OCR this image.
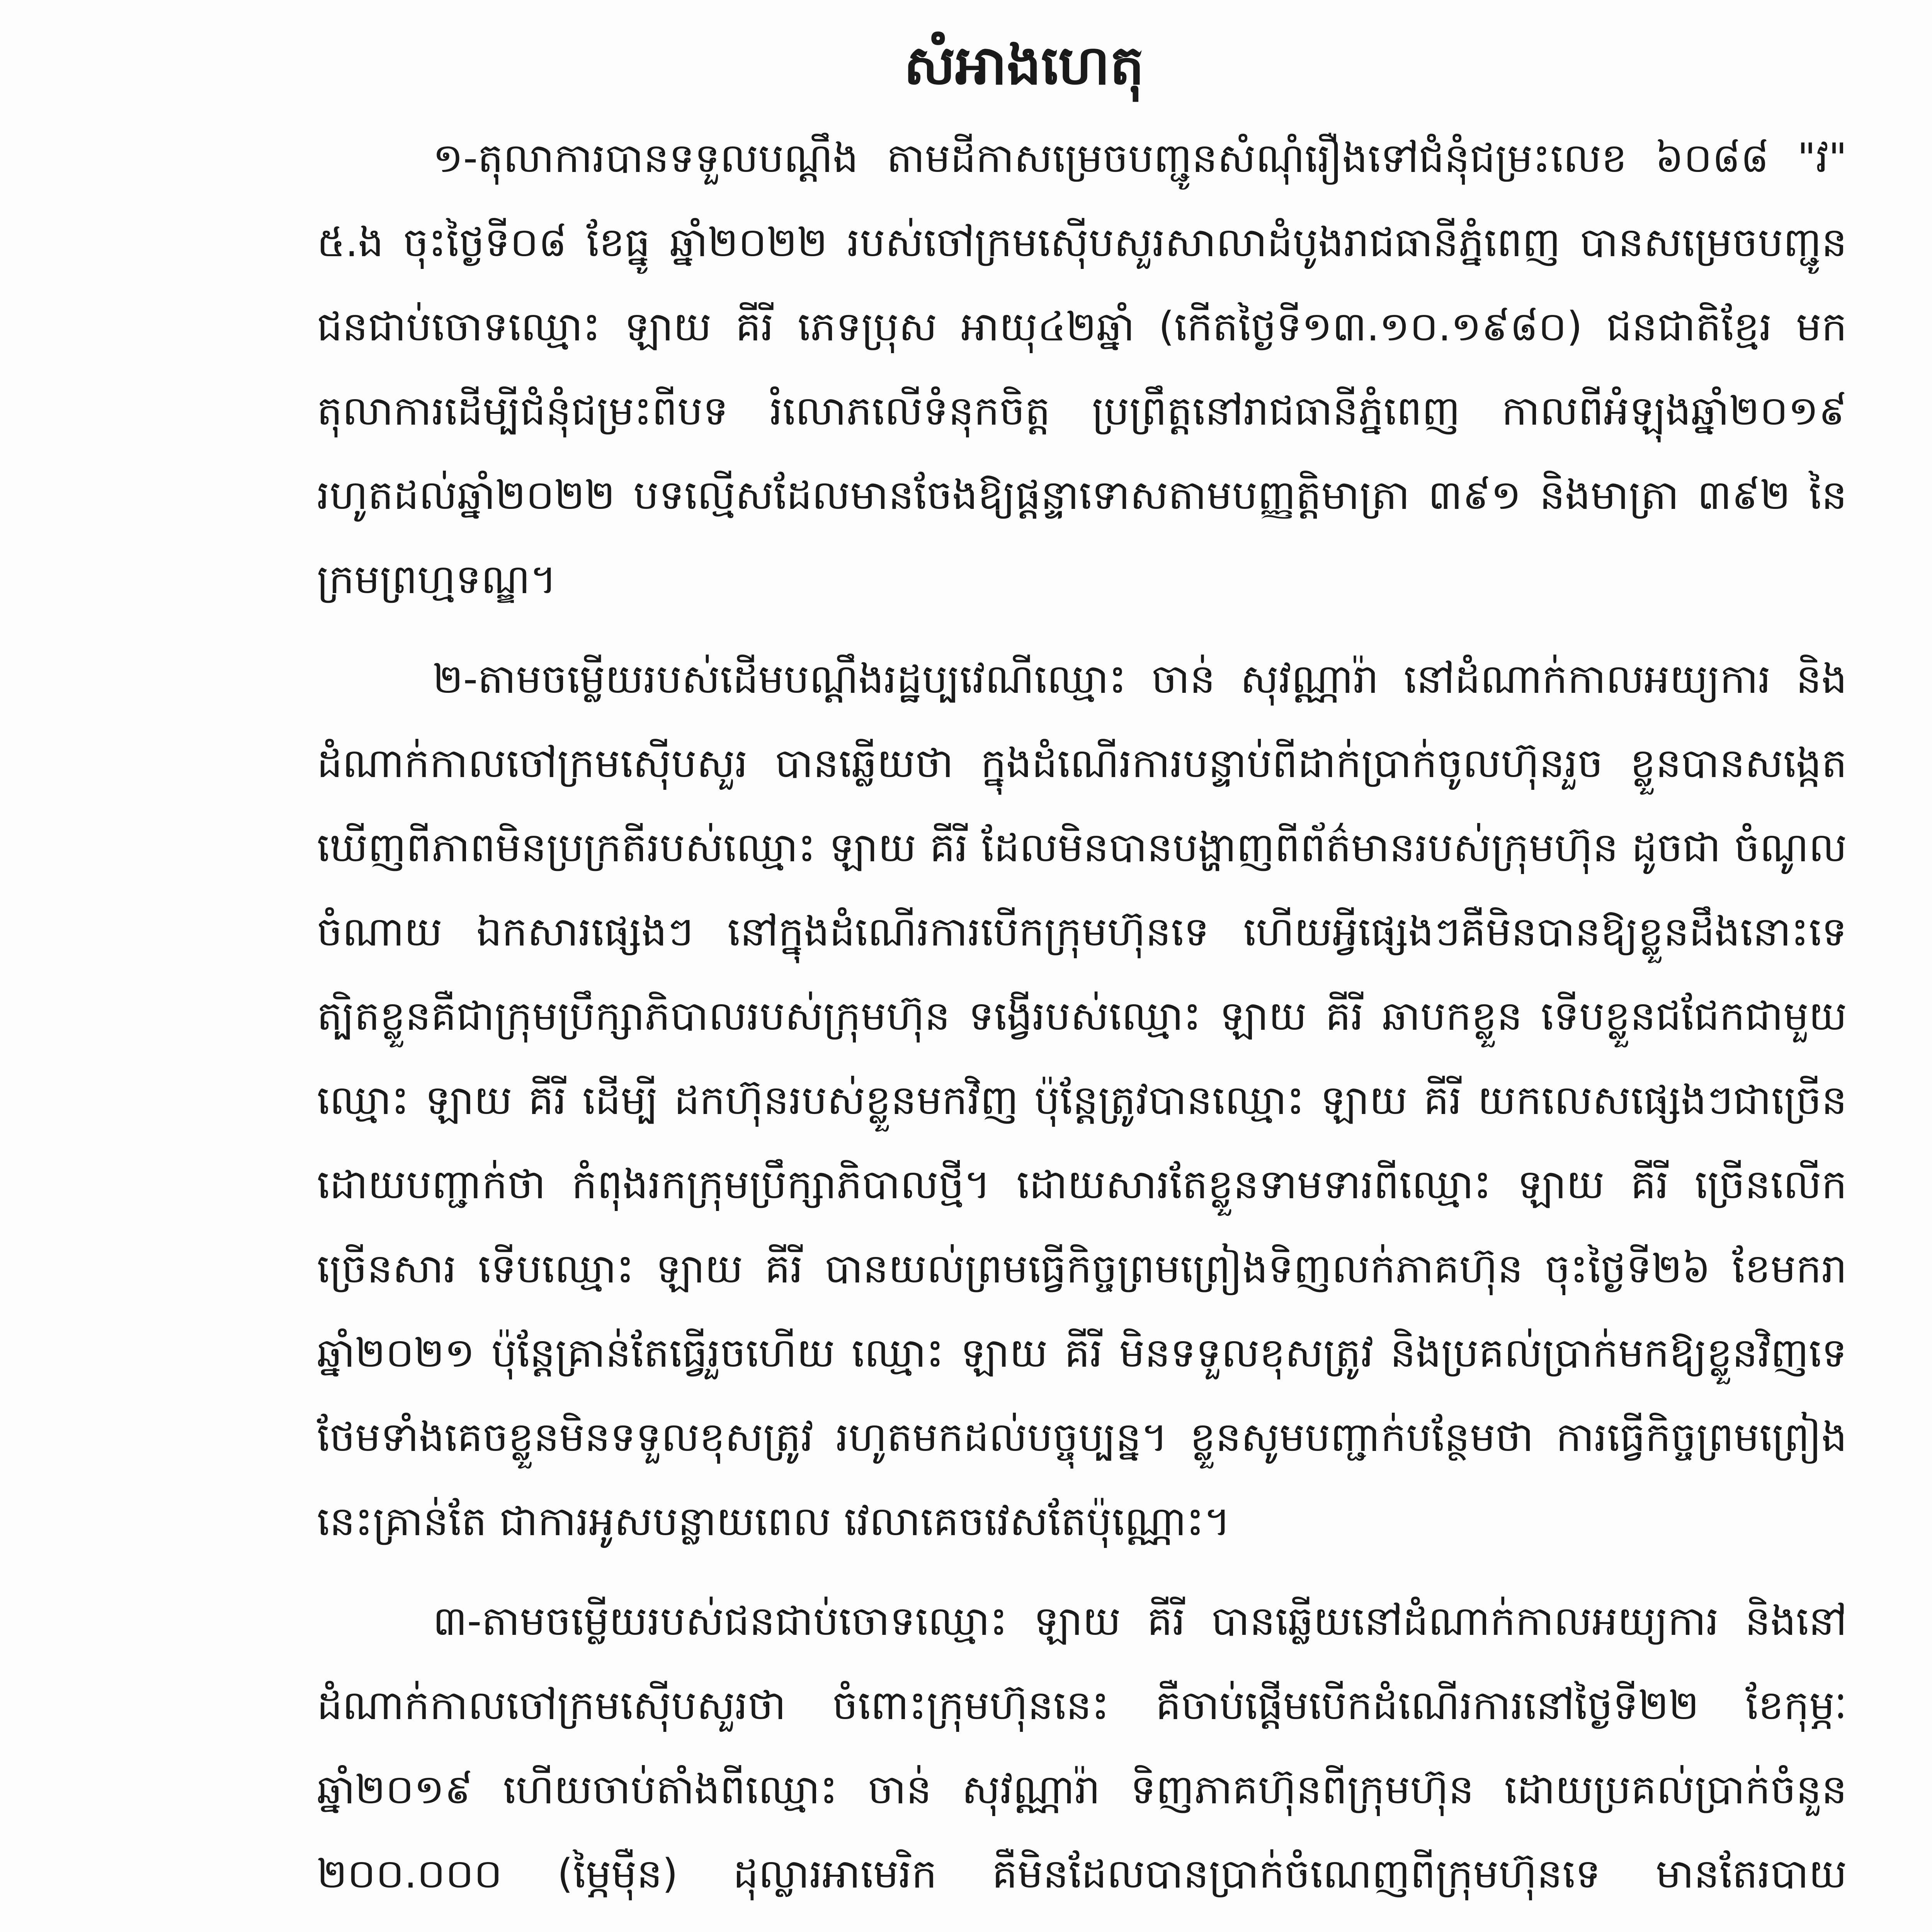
សំអាងហេតុ

១-តុលាការបានទទួលបណ្ដឹង តាមដីកាសម្រេចបញ្ជូនសំណុំរឿងទៅជំនុំជម្រះលេខ ៦០៨៨ "វ" ៥.ង ចុះថ្ងៃទី០៨ ខែធ្នូ ឆ្នាំ២០២២ របស់ចៅក្រមស៊ើបសួរសាលាដំបូងរាជធានីភ្នំពេញ បានសម្រេចបញ្ជូនជនជាប់ចោទឈ្មោះ ឡាយ គីរី ភេទប្រុស អាយុ៤២ឆ្នាំ (កើតថ្ងៃទី១៣.១០.១៩៨០) ជនជាតិខ្មែរ មកតុលាការដើម្បីជំនុំជម្រះពីបទ រំលោភលើទំនុកចិត្ត ប្រព្រឹត្តនៅរាជធានីភ្នំពេញ កាលពីអំឡុងឆ្នាំ២០១៩ រហូតដល់ឆ្នាំ២០២២ បទល្មើសដែលមានចែងឱ្យផ្ដន្ទាទោសតាមបញ្ញត្តិមាត្រា ៣៩១ និងមាត្រា ៣៩២ នៃក្រមព្រហ្មទណ្ឌ។

២-តាមចម្លើយរបស់ដើមបណ្ដឹងរដ្ឋប្បវេណីឈ្មោះ ចាន់ សុវណ្ណារ៉ា នៅដំណាក់កាលអយ្យការ និងដំណាក់កាលចៅក្រមស៊ើបសួរ បានឆ្លើយថា ក្នុងដំណើរការបន្ទាប់ពីដាក់ប្រាក់ចូលហ៊ុនរួច ខ្លួនបានសង្កេតឃើញពីភាពមិនប្រក្រតីរបស់ឈ្មោះ ឡាយ គីរី ដែលមិនបានបង្ហាញពីព័ត៌មានរបស់ក្រុមហ៊ុន ដូចជា ចំណូល ចំណាយ ឯកសារផ្សេងៗ នៅក្នុងដំណើរការបើកក្រុមហ៊ុនទេ ហើយអ្វីផ្សេងៗគឺមិនបានឱ្យខ្លួនដឹងនោះទេ ត្បិតខ្លួនគឺជាក្រុមប្រឹក្សាភិបាលរបស់ក្រុមហ៊ុន ទង្វើរបស់ឈ្មោះ ឡាយ គីរី ឆាបកខ្លួន ទើបខ្លួនជជែកជាមួយឈ្មោះ ឡាយ គីរី ដើម្បី ដកហ៊ុនរបស់ខ្លួនមកវិញ ប៉ុន្តែត្រូវបានឈ្មោះ ឡាយ គីរី យកលេសផ្សេងៗជាច្រើនដោយបញ្ជាក់ថា កំពុងរកក្រុមប្រឹក្សាភិបាលថ្មី។ ដោយសារតែខ្លួនទាមទារពីឈ្មោះ ឡាយ គីរី ច្រើនលើកច្រើនសារ ទើបឈ្មោះ ឡាយ គីរី បានយល់ព្រមធ្វើកិច្ចព្រមព្រៀងទិញលក់ភាគហ៊ុន ចុះថ្ងៃទី២៦ ខែមករា ឆ្នាំ២០២១ ប៉ុន្តែគ្រាន់តែធ្វើរួចហើយ ឈ្មោះ ឡាយ គីរី មិនទទួលខុសត្រូវ និងប្រគល់ប្រាក់មកឱ្យខ្លួនវិញទេ ថែមទាំងគេចខ្លួនមិនទទួលខុសត្រូវ រហូតមកដល់បច្ចុប្បន្ន។ ខ្លួនសូមបញ្ជាក់បន្ថែមថា ការធ្វើកិច្ចព្រមព្រៀងនេះគ្រាន់តែ ជាការអូសបន្លាយពេល វេលាគេចវេសតែប៉ុណ្ណោះ។

៣-តាមចម្លើយរបស់ជនជាប់ចោទឈ្មោះ ឡាយ គីរី បានឆ្លើយនៅដំណាក់កាលអយ្យការ និងនៅដំណាក់កាលចៅក្រមស៊ើបសួរថា ចំពោះក្រុមហ៊ុននេះ គឺចាប់ផ្ដើមបើកដំណើរការនៅថ្ងៃទី២២ ខែកុម្ភៈ ឆ្នាំ២០១៩ ហើយចាប់តាំងពីឈ្មោះ ចាន់ សុវណ្ណារ៉ា ទិញភាគហ៊ុនពីក្រុមហ៊ុន ដោយប្រគល់ប្រាក់ចំនួន ២០០.០០០ (ម្ភៃម៉ឺន) ដុល្លារអាមេរិក គឺមិនដែលបានប្រាក់ចំណេញពីក្រុមហ៊ុនទេ មានតែរបាយ
